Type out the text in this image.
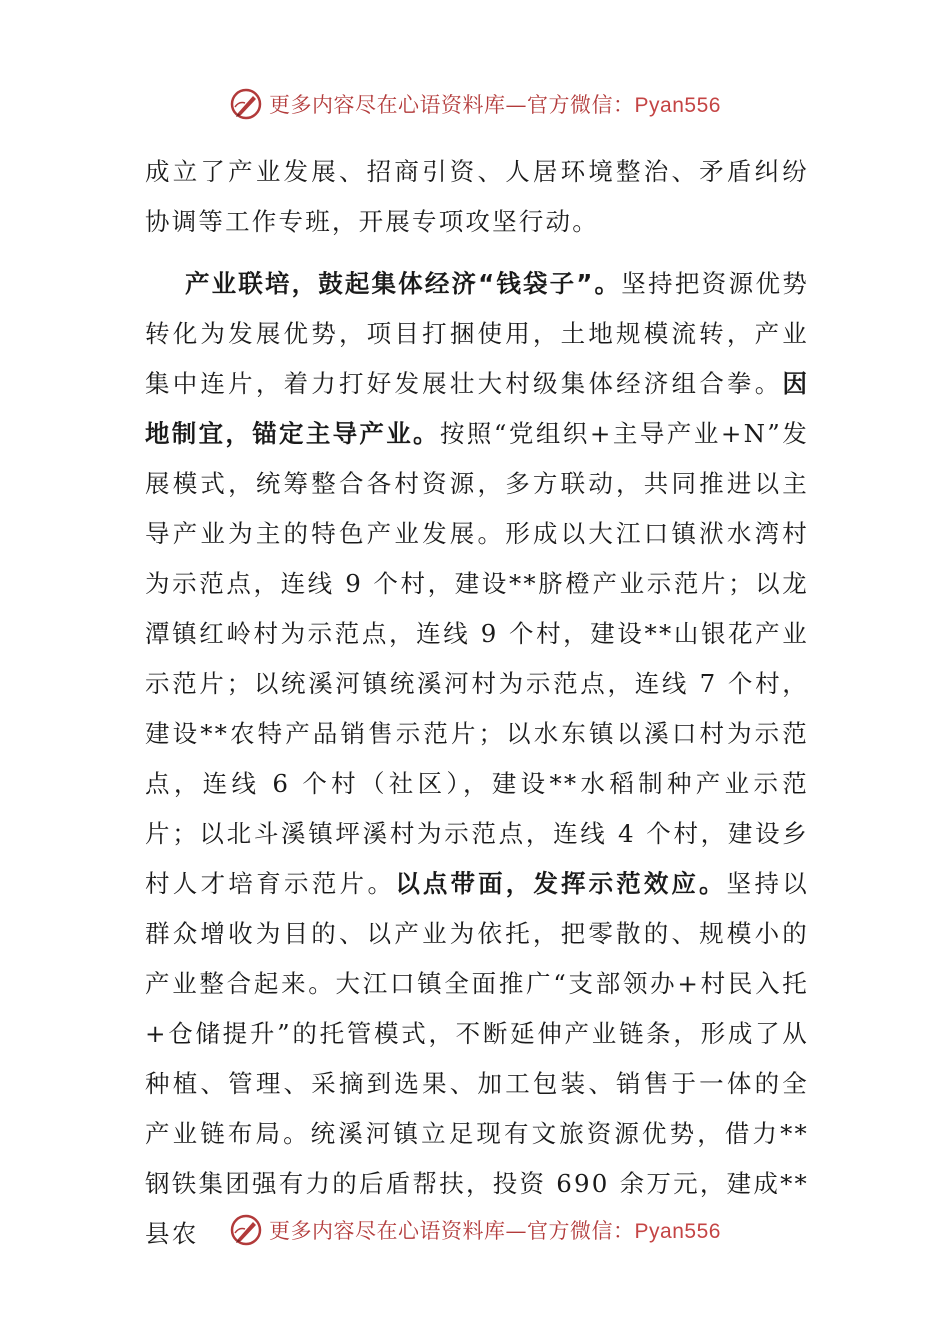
更多内容尽在心语资料库—官方微信：Pyan556

成立了产业发展、招商引资、人居环境整治、矛盾纠纷协调等工作专班，开展专项攻坚行动。

产业联培，鼓起集体经济“钱袋子”。坚持把资源优势转化为发展优势，项目打捆使用，土地规模流转，产业集中连片，着力打好发展壮大村级集体经济组合拳。因地制宜，锚定主导产业。按照“党组织+主导产业+N”发展模式，统筹整合各村资源，多方联动，共同推进以主导产业为主的特色产业发展。形成以大江口镇洑水湾村为示范点，连线 9 个村，建设**脐橙产业示范片；以龙潭镇红岭村为示范点，连线 9 个村，建设**山银花产业示范片；以统溪河镇统溪河村为示范点，连线 7 个村，建设**农特产品销售示范片；以水东镇以溪口村为示范点，连线 6 个村（社区），建设**水稻制种产业示范片；以北斗溪镇坪溪村为示范点，连线 4 个村，建设乡村人才培育示范片。以点带面，发挥示范效应。坚持以群众增收为目的、以产业为依托，把零散的、规模小的产业整合起来。大江口镇全面推广“支部领办+村民入托+仓储提升”的托管模式，不断延伸产业链条，形成了从种植、管理、采摘到选果、加工包装、销售于一体的全产业链布局。统溪河镇立足现有文旅资源优势，借力**钢铁集团强有力的后盾帮扶，投资 690 余万元，建成**县农	更多内容尽在心语资料库—官方微信：Pyan556
